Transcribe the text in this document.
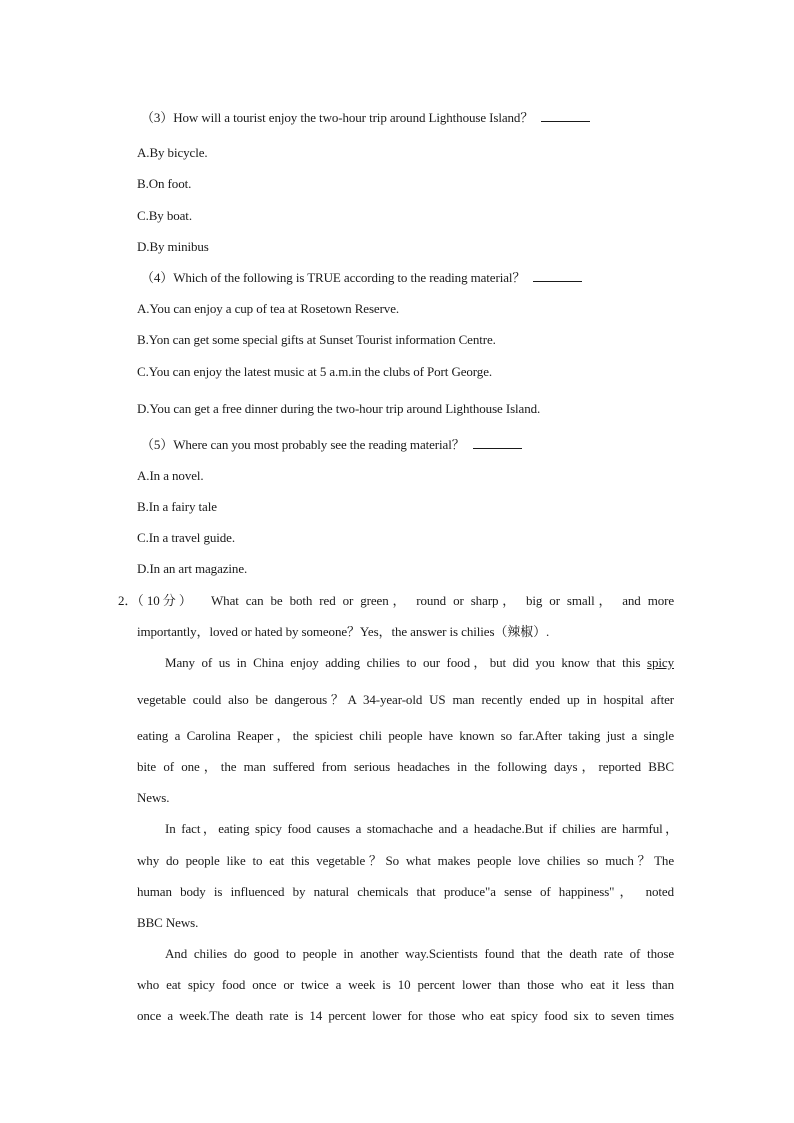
（3）How will a tourist enjoy the two-hour trip around Lighthouse Island？
A.By bicycle.
B.On foot.
C.By boat.
D.By minibus
（4）Which of the following is TRUE according to the reading material？
A.You can enjoy a cup of tea at Rosetown Reserve.
B.Yon can get some special gifts at Sunset Tourist information Centre.
C.You can enjoy the latest music at 5 a.m.in the clubs of Port George.
D.You can get a free dinner during the two-hour trip around Lighthouse Island.
（5）Where can you most probably see the reading material？
A.In a novel.
B.In a fairy tale
C.In a travel guide.
D.In an art magazine.
2．（ 10 分 ） What can be both red or green， round or sharp， big or small， and more
importantly，loved or hated by someone？Yes，the answer is chilies（辣椒）.
Many of us in China enjoy adding chilies to our food，but did you know that this spicy
vegetable could also be dangerous？A 34-year-old US man recently ended up in hospital after
eating a Carolina Reaper，the spiciest chili people have known so far.After taking just a single
bite of one，the man suffered from serious headaches in the following days，reported BBC
News.
In fact，eating spicy food causes a stomachache and a headache.But if chilies are harmful，
why do people like to eat this vegetable？So what makes people love chilies so much？The
human body is influenced by natural chemicals that produce"a sense of happiness"， noted
BBC News.
And chilies do good to people in another way.Scientists found that the death rate of those
who eat spicy food once or twice a week is 10 percent lower than those who eat it less than
once a week.The death rate is 14 percent lower for those who eat spicy food six to seven times
